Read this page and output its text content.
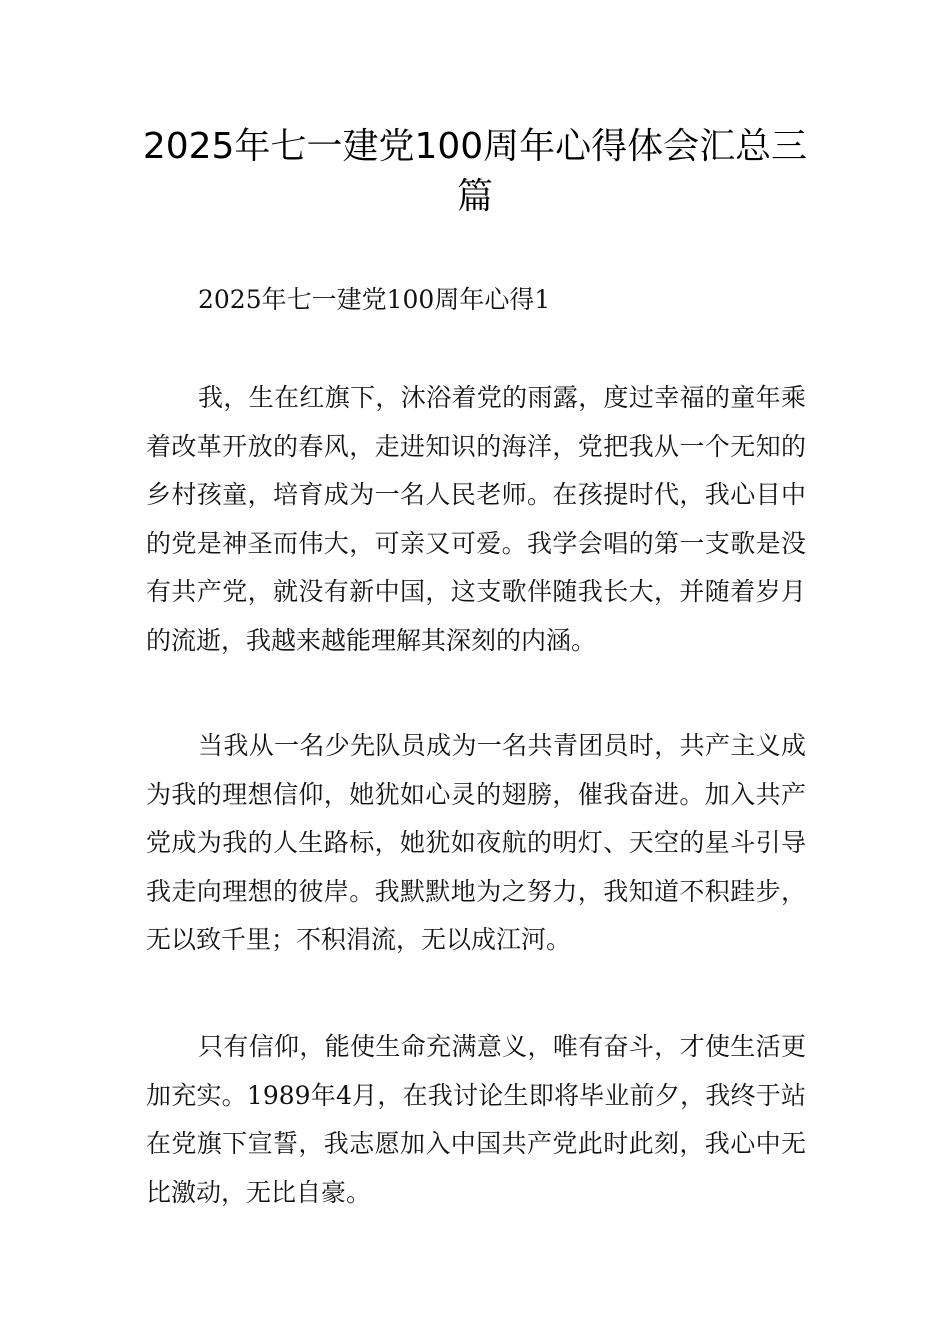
2025年七一建党100周年心得体会汇总三篇

2025年七一建党100周年心得1

我，生在红旗下，沐浴着党的雨露，度过幸福的童年乘着改革开放的春风，走进知识的海洋，党把我从一个无知的乡村孩童，培育成为一名人民老师。在孩提时代，我心目中的党是神圣而伟大，可亲又可爱。我学会唱的第一支歌是没有共产党，就没有新中国，这支歌伴随我长大，并随着岁月的流逝，我越来越能理解其深刻的内涵。

当我从一名少先队员成为一名共青团员时，共产主义成为我的理想信仰，她犹如心灵的翅膀，催我奋进。加入共产党成为我的人生路标，她犹如夜航的明灯、天空的星斗引导我走向理想的彼岸。我默默地为之努力，我知道不积跬步，无以致千里；不积涓流，无以成江河。

只有信仰，能使生命充满意义，唯有奋斗，才使生活更加充实。1989年4月，在我讨论生即将毕业前夕，我终于站在党旗下宣誓，我志愿加入中国共产党此时此刻，我心中无比激动，无比自豪。
